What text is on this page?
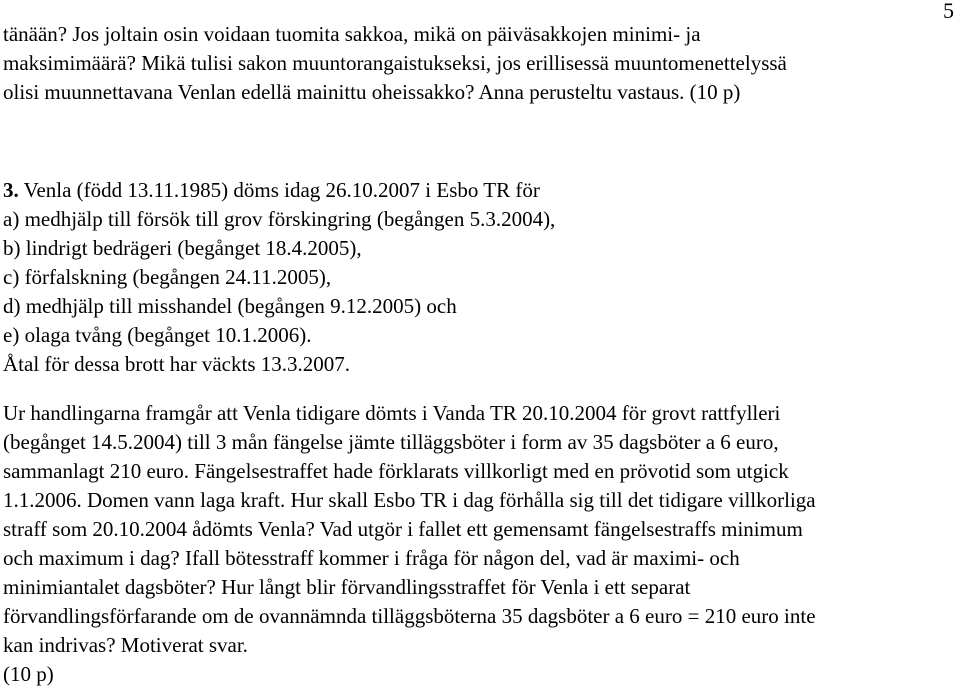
5
tänään? Jos joltain osin voidaan tuomita sakkoa, mikä on päiväsakkojen minimi- ja
maksimimäärä? Mikä tulisi sakon muuntorangaistukseksi, jos erillisessä muuntomenettelyssä
olisi muunnettavana Venlan edellä mainittu oheissakko? Anna perusteltu vastaus. (10 p)
3. Venla (född 13.11.1985) döms idag 26.10.2007 i Esbo TR för
a) medhjälp till försök till grov förskingring (begången 5.3.2004),
b) lindrigt bedrägeri (begånget 18.4.2005),
c) förfalskning (begången 24.11.2005),
d) medhjälp till misshandel (begången 9.12.2005) och
e) olaga tvång (begånget 10.1.2006).
Åtal för dessa brott har väckts 13.3.2007.
Ur handlingarna framgår att Venla tidigare dömts i Vanda TR 20.10.2004 för grovt rattfylleri
(begånget 14.5.2004) till 3 mån fängelse jämte tilläggsböter i form av 35 dagsböter a 6 euro,
sammanlagt 210 euro. Fängelsestraffet hade förklarats villkorligt med en prövotid som utgick
1.1.2006. Domen vann laga kraft. Hur skall Esbo TR i dag förhålla sig till det tidigare villkorliga
straff som 20.10.2004 ådömts Venla? Vad utgör i fallet ett gemensamt fängelsestraffs minimum
och maximum i dag? Ifall bötesstraff kommer i fråga för någon del, vad är maximi- och
minimiantalet dagsböter? Hur långt blir förvandlingsstraffet för Venla i ett separat
förvandlingsförfarande om de ovannämnda tilläggsböterna 35 dagsböter a 6 euro = 210 euro inte
kan indrivas? Motiverat svar.
(10 p)
